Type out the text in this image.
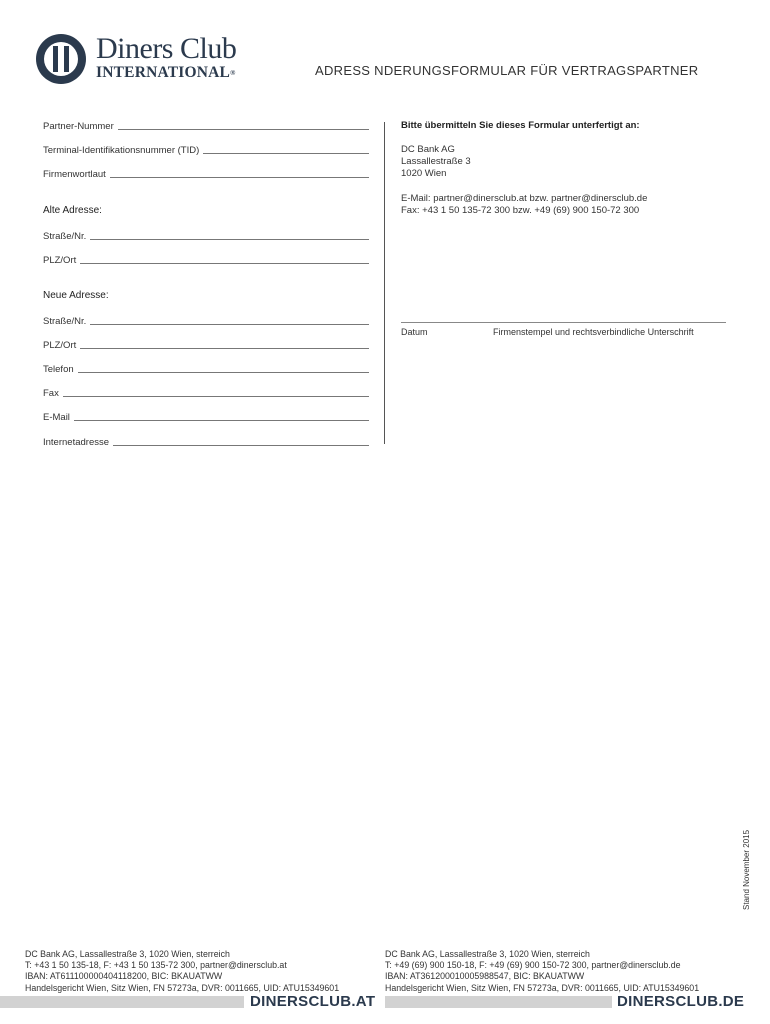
Diners Club
INTERNATIONAL®	ADRESS NDERUNGSFORMULAR FÜR VERTRAGSPARTNER
Partner-Nummer
Terminal-Identifikationsnummer (TID)
Firmenwortlaut
Alte Adresse:
Straße/Nr.
PLZ/Ort
Neue Adresse:
Straße/Nr.
PLZ/Ort
Telefon
Fax
E-Mail
Internetadresse
Bitte übermitteln Sie dieses Formular unterfertigt an:
DC Bank AG
Lassallestraße 3
1020 Wien
E-Mail: partner@dinersclub.at bzw. partner@dinersclub.de
Fax: +43 1 50 135-72 300 bzw. +49 (69) 900 150-72 300
Datum	Firmenstempel und rechtsverbindliche Unterschrift
Stand November 2015
DC Bank AG, Lassallestraße 3, 1020 Wien, sterreich
T: +43 1 50 135-18, F: +43 1 50 135-72 300, partner@dinersclub.at
IBAN: AT611100000404118200, BIC: BKAUATWW
Handelsgericht Wien, Sitz Wien, FN 57273a, DVR: 0011665, UID: ATU15349601
DC Bank AG, Lassallestraße 3, 1020 Wien, sterreich
T: +49 (69) 900 150-18, F: +49 (69) 900 150-72 300, partner@dinersclub.de
IBAN: AT361200010005988547, BIC: BKAUATWW
Handelsgericht Wien, Sitz Wien, FN 57273a, DVR: 0011665, UID: ATU15349601
DINERSCLUB.AT	DINERSCLUB.DE
